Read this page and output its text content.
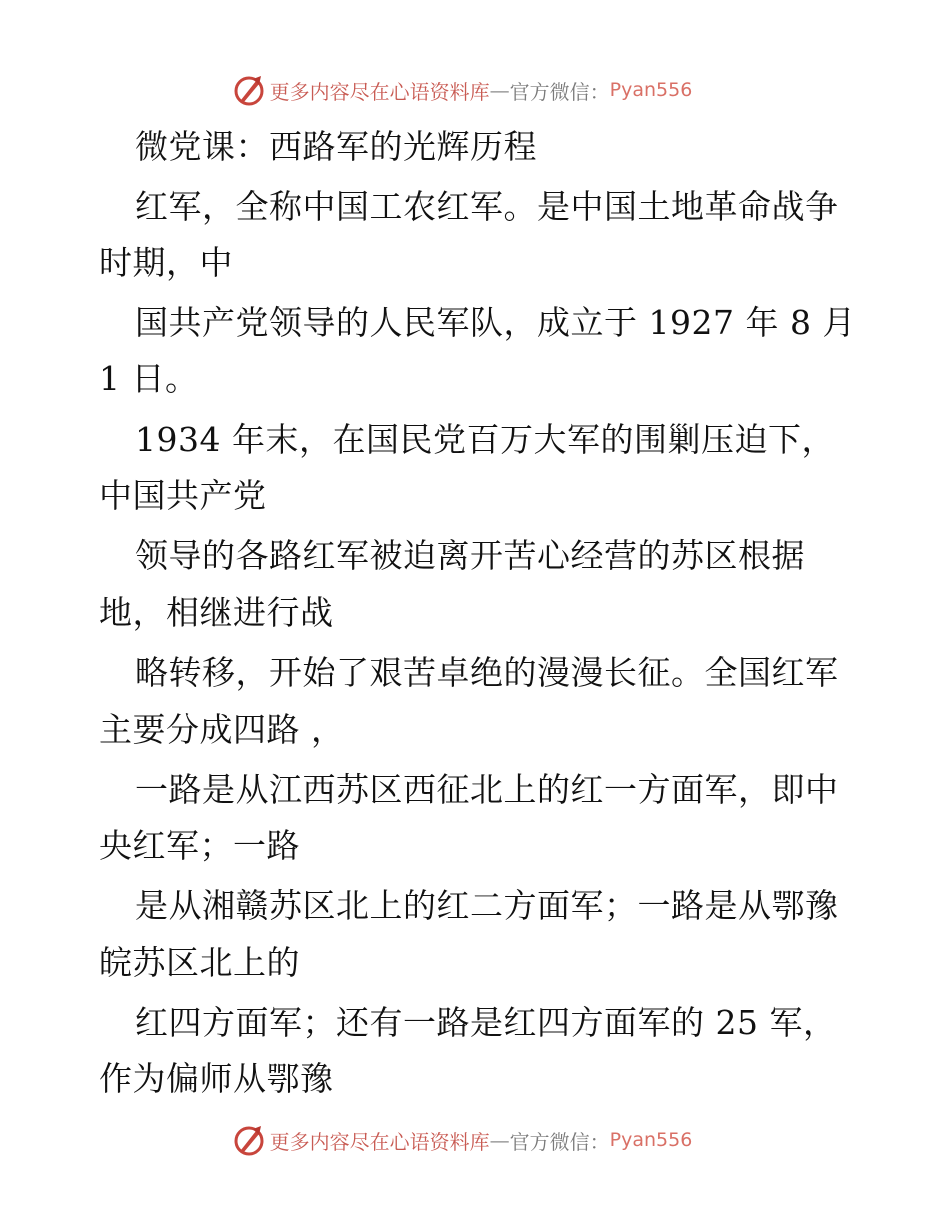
更多内容尽在心语资料库 — 官方微信： Pyan556
微党课：西路军的光辉历程
红军，全称中国工农红军。是中国土地革命战争
时期，中
国共产党领导的人民军队，成立于 1927 年 8 月
1 日。
1934 年末，在国民党百万大军的围剿压迫下，
中国共产党
领导的各路红军被迫离开苦心经营的苏区根据
地，相继进行战
略转移，开始了艰苦卓绝的漫漫长征。全国红军
主要分成四路 ，
一路是从江西苏区西征北上的红一方面军，即中
央红军；一路
是从湘赣苏区北上的红二方面军；一路是从鄂豫
皖苏区北上的
红四方面军；还有一路是红四方面军的 25 军，
作为偏师从鄂豫
更多内容尽在心语资料库 — 官方微信： Pyan556
